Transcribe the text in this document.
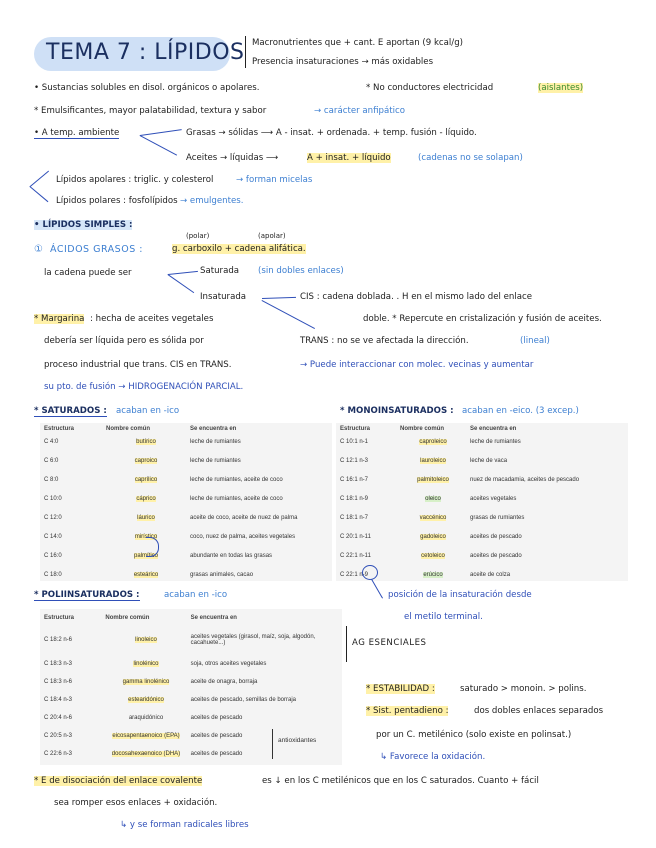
TEMA 7 : LÍPIDOS Macronutrientes que + cant. E aportan (9 kcal/g)
Presencia insaturaciones → más oxidables
• Sustancias solubles en disol. orgánicos o apolares.	* No conductores electricidad	(aislantes)
* Emulsificantes, mayor palatabilidad, textura y sabor	→ carácter anfipático
• A temp. ambiente	Grasas → sólidas ⟶ A - insat. + ordenada. + temp. fusión - líquido.
Aceites → líquidas ⟶	A + insat. + líquido	(cadenas no se solapan)
Lípidos apolares : triglic. y colesterol	→ forman micelas
Lípidos polares : fosfolípidos → emulgentes.
• LÍPIDOS SIMPLES :
① ÁCIDOS GRASOS :
(polar)	(apolar)
g. carboxilo + cadena alifática.
la cadena puede ser	Saturada (sin dobles enlaces)
Insaturada	CIS : cadena doblada. . H en el mismo lado del enlace
doble. * Repercute en cristalización y fusión de aceites.
TRANS : no se ve afectada la dirección.	(lineal)
* Margarina : hecha de aceites vegetales
debería ser líquida pero es sólida por
proceso industrial que trans. CIS en TRANS.	→ Puede interaccionar con molec. vecinas y aumentar
su pto. de fusión → HIDROGENACIÓN PARCIAL.
* SATURADOS : acaban en -ico
Estructura	Nombre común	Se encuentra en
C 4:0	butírico	leche de rumiantes
C 6:0	caproico	leche de rumiantes
C 8:0	caprílico	leche de rumiantes, aceite de coco
C 10:0	cáprico	leche de rumiantes, aceite de coco
C 12:0	láurico	aceite de coco, aceite de nuez de palma
C 14:0	mirístico	coco, nuez de palma, aceites vegetales
C 16:0	palmítico	abundante en todas las grasas
C 18:0	esteárico	grasas animales, cacao
* MONOINSATURADOS : acaban en -eico. (3 excep.)
Estructura	Nombre común	Se encuentra en
C 10:1 n-1	caproleico	leche de rumiantes
C 12:1 n-3	lauroleico	leche de vaca
C 16:1 n-7	palmitoleico	nuez de macadamia, aceites de pescado
C 18:1 n-9	oleico	aceites vegetales
C 18:1 n-7	vaccénico	grasas de rumiantes
C 20:1 n-11	gadoleico	aceites de pescado
C 22:1 n-11	cetoleico	aceites de pescado
C 22:1 n-9	erúcico	aceite de colza
posición de la insaturación desde
el metilo terminal.
* POLIINSATURADOS :	acaban en -ico
Estructura	Nombre común	Se encuentra en
C 18:2 n-6	linoleico	aceites vegetales (girasol, maíz, soja, algodón, cacahuete...)
C 18:3 n-3	linolénico	soja, otros aceites vegetales
C 18:3 n-6	gamma linolénico	aceite de onagra, borraja
C 18:4 n-3	estearidónico	aceites de pescado, semillas de borraja
C 20:4 n-6	araquidónico	aceites de pescado
C 20:5 n-3	eicosapentaenoico (EPA)	aceites de pescado
C 22:6 n-3	docosahexaenoico (DHA)	aceites de pescado
antioxidantes
AG ESENCIALES
* ESTABILIDAD :	saturado > monoin. > polins.
* Sist. pentadieno :	dos dobles enlaces separados
por un C. metilénico (solo existe en polinsat.)
↳ Favorece la oxidación.
* E de disociación del enlace covalente	es ↓ en los C metilénicos que en los C saturados. Cuanto + fácil
sea romper esos enlaces + oxidación.
↳ y se forman radicales libres
